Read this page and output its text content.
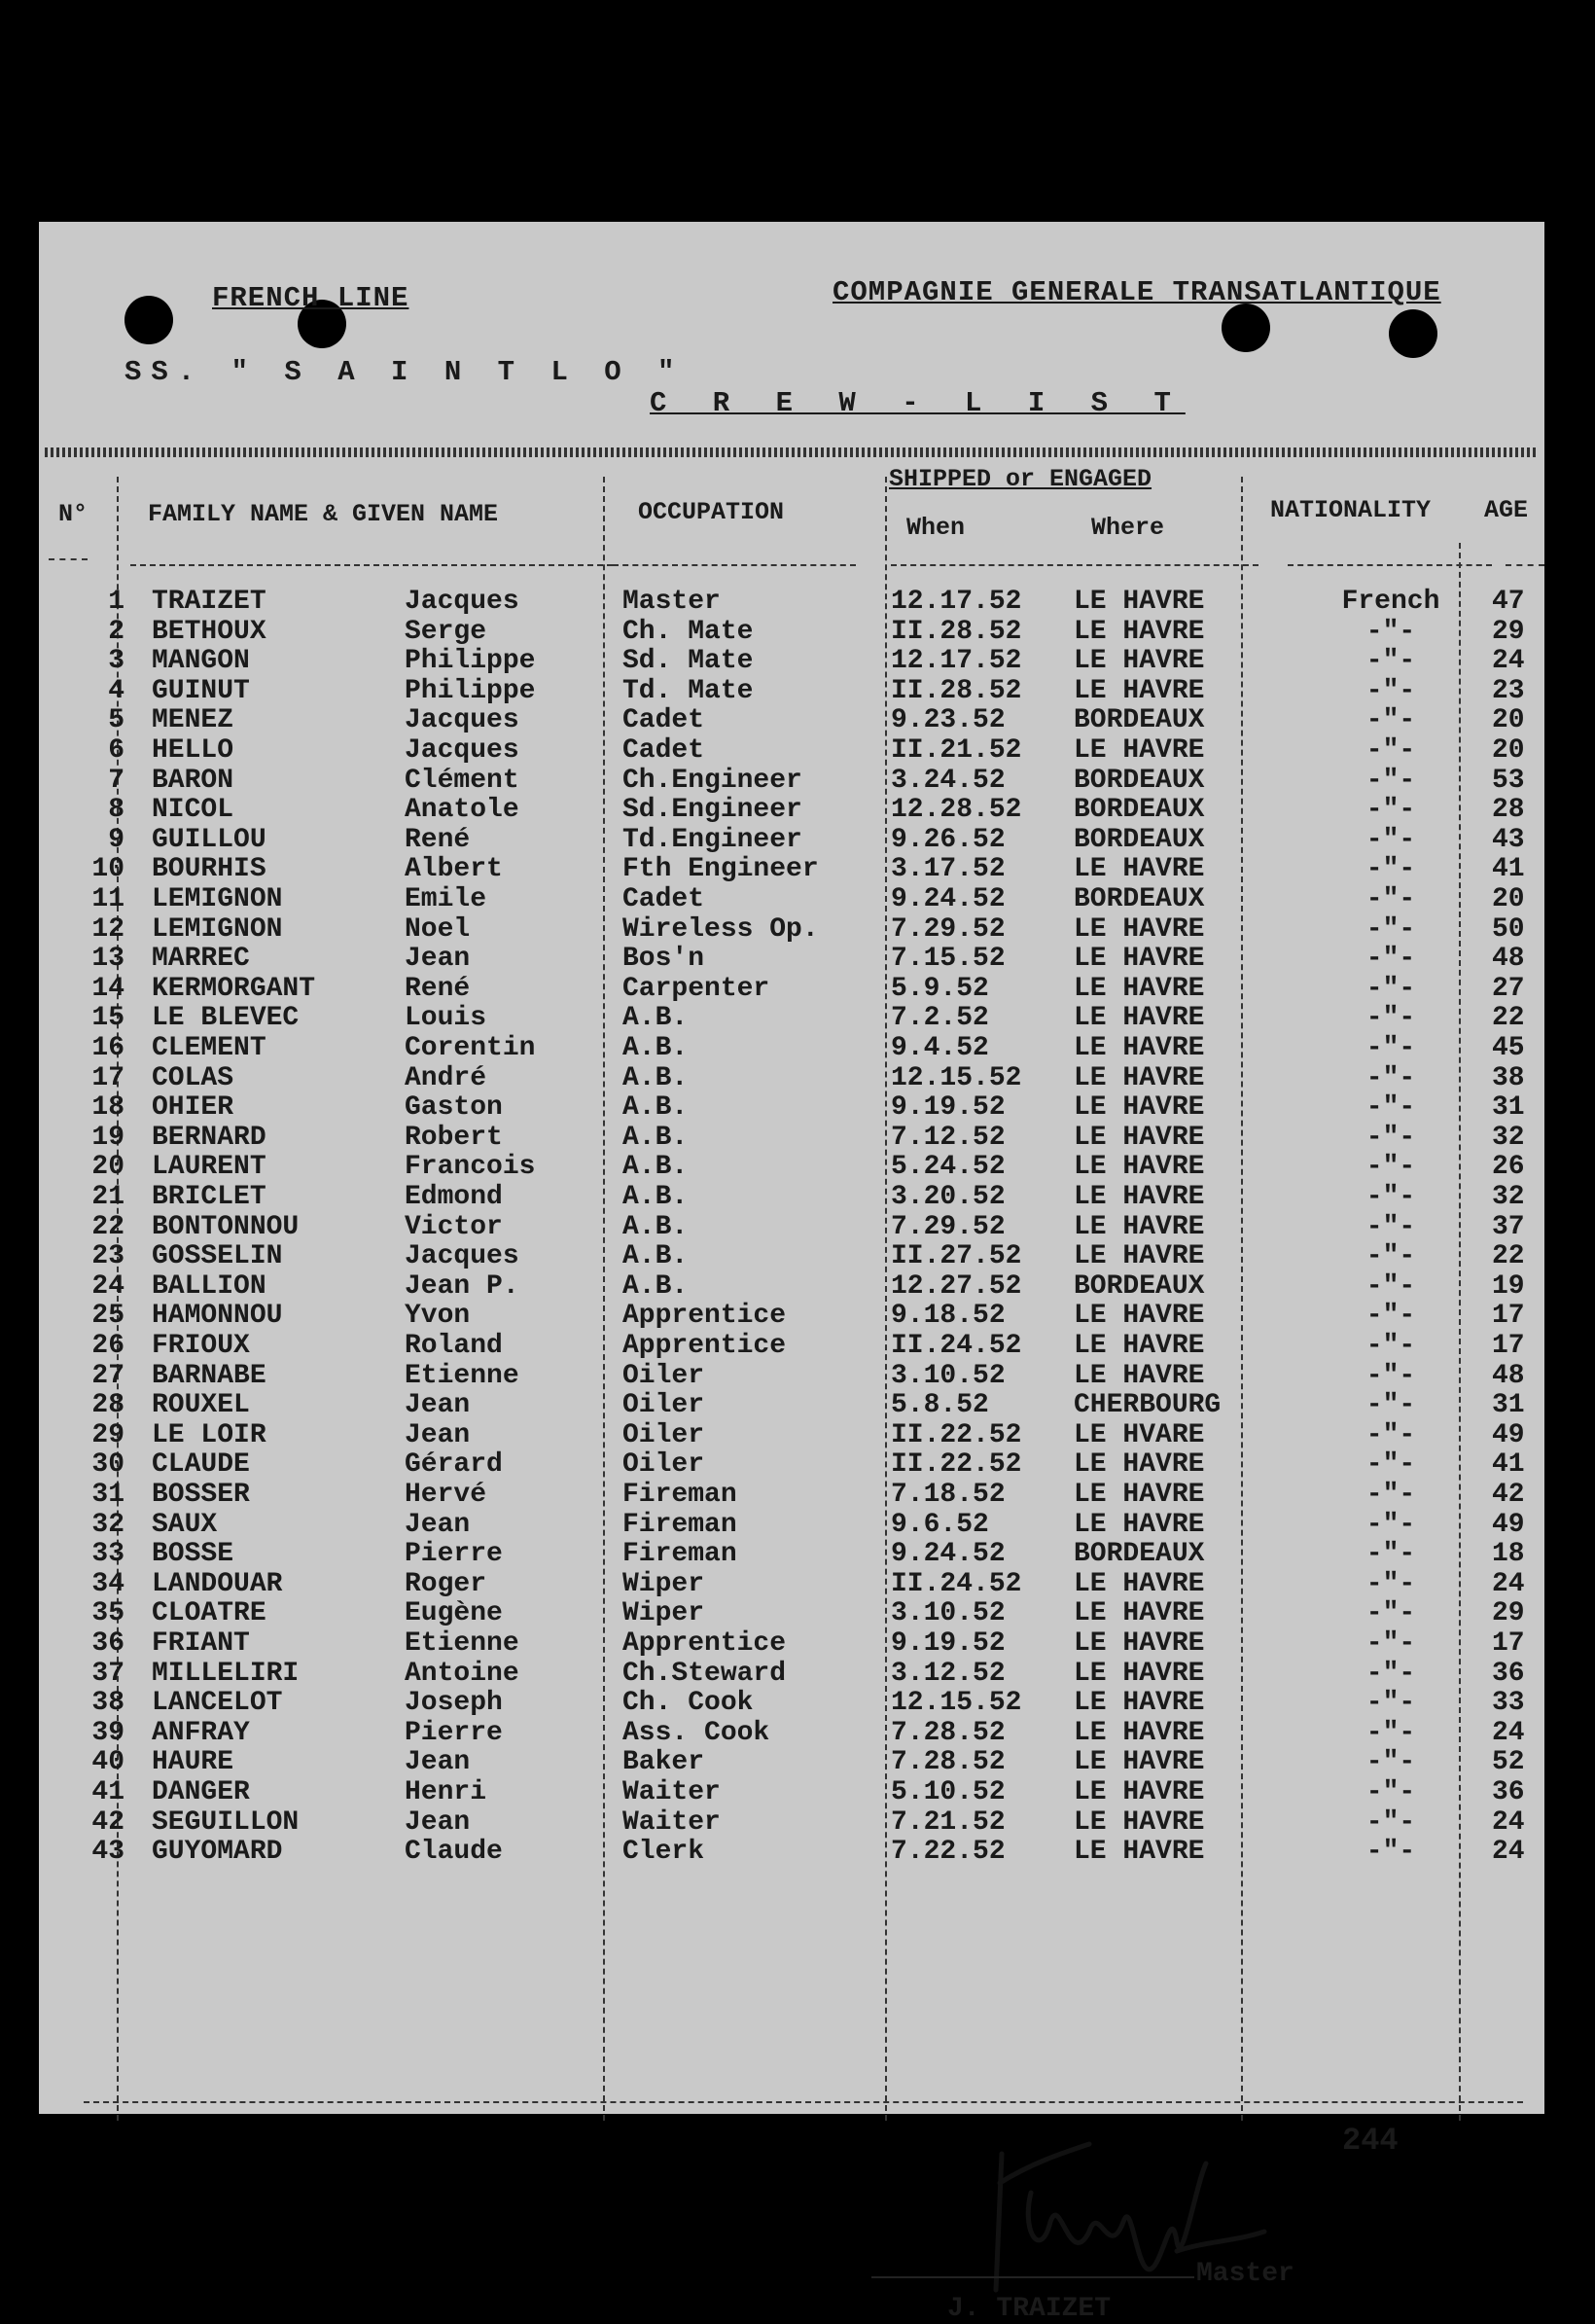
FRENCH LINE	COMPAGNIE GENERALE TRANSATLANTIQUE
SS. " S A I N T L O "
C R E W - L I S T
N° FAMILY NAME & GIVEN NAME	OCCUPATION
SHIPPED or ENGAGED
When	Where
NATIONALITY AGE
1 TRAIZET	Jacques	Master	12.17.52 LE HAVRE	French	47
2 BETHOUX	Serge	Ch. Mate	II.28.52 LE HAVRE	-"-	29
3 MANGON	Philippe	Sd. Mate	12.17.52 LE HAVRE	-"-	24
4 GUINUT	Philippe	Td. Mate	II.28.52 LE HAVRE	-"-	23
5 MENEZ	Jacques	Cadet	9.23.52	BORDEAUX	-"-	20
6 HELLO	Jacques	Cadet	II.21.52 LE HAVRE	-"-	20
7 BARON	Clément	Ch.Engineer	3.24.52	BORDEAUX	-"-	53
8 NICOL	Anatole	Sd.Engineer	12.28.52 BORDEAUX	-"-	28
9 GUILLOU	René	Td.Engineer	9.26.52	BORDEAUX	-"-	43
10 BOURHIS	Albert	Fth Engineer	3.17.52	LE HAVRE	-"-	41
11 LEMIGNON	Emile	Cadet	9.24.52	BORDEAUX	-"-	20
12 LEMIGNON	Noel	Wireless Op.	7.29.52	LE HAVRE	-"-	50
13 MARREC	Jean	Bos'n	7.15.52	LE HAVRE	-"-	48
14 KERMORGANT	René	Carpenter	5.9.52	LE HAVRE	-"-	27
15 LE BLEVEC	Louis	A.B.	7.2.52	LE HAVRE	-"-	22
16 CLEMENT	Corentin	A.B.	9.4.52	LE HAVRE	-"-	45
17 COLAS	André	A.B.	12.15.52 LE HAVRE	-"-	38
18 OHIER	Gaston	A.B.	9.19.52	LE HAVRE	-"-	31
19 BERNARD	Robert	A.B.	7.12.52	LE HAVRE	-"-	32
20 LAURENT	Francois	A.B.	5.24.52	LE HAVRE	-"-	26
21 BRICLET	Edmond	A.B.	3.20.52	LE HAVRE	-"-	32
22 BONTONNOU	Victor	A.B.	7.29.52	LE HAVRE	-"-	37
23 GOSSELIN	Jacques	A.B.	II.27.52 LE HAVRE	-"-	22
24 BALLION	Jean P.	A.B.	12.27.52 BORDEAUX	-"-	19
25 HAMONNOU	Yvon	Apprentice	9.18.52	LE HAVRE	-"-	17
26 FRIOUX	Roland	Apprentice	II.24.52 LE HAVRE	-"-	17
27 BARNABE	Etienne	Oiler	3.10.52	LE HAVRE	-"-	48
28 ROUXEL	Jean	Oiler	5.8.52	CHERBOURG	-"-	31
29 LE LOIR	Jean	Oiler	II.22.52 LE HVARE	-"-	49
30 CLAUDE	Gérard	Oiler	II.22.52 LE HAVRE	-"-	41
31 BOSSER	Hervé	Fireman	7.18.52	LE HAVRE	-"-	42
32 SAUX	Jean	Fireman	9.6.52	LE HAVRE	-"-	49
33 BOSSE	Pierre	Fireman	9.24.52	BORDEAUX	-"-	18
34 LANDOUAR	Roger	Wiper	II.24.52 LE HAVRE	-"-	24
35 CLOATRE	Eugène	Wiper	3.10.52	LE HAVRE	-"-	29
36 FRIANT	Etienne	Apprentice	9.19.52	LE HAVRE	-"-	17
37 MILLELIRI	Antoine	Ch.Steward	3.12.52	LE HAVRE	-"-	36
38 LANCELOT	Joseph	Ch. Cook	12.15.52 LE HAVRE	-"-	33
39 ANFRAY	Pierre	Ass. Cook	7.28.52	LE HAVRE	-"-	24
40 HAURE	Jean	Baker	7.28.52	LE HAVRE	-"-	52
41 DANGER	Henri	Waiter	5.10.52	LE HAVRE	-"-	36
42 SEGUILLON	Jean	Waiter	7.21.52	LE HAVRE	-"-	24
43 GUYOMARD	Claude	Clerk	7.22.52	LE HAVRE	-"-	24
244
Master
J. TRAIZET
